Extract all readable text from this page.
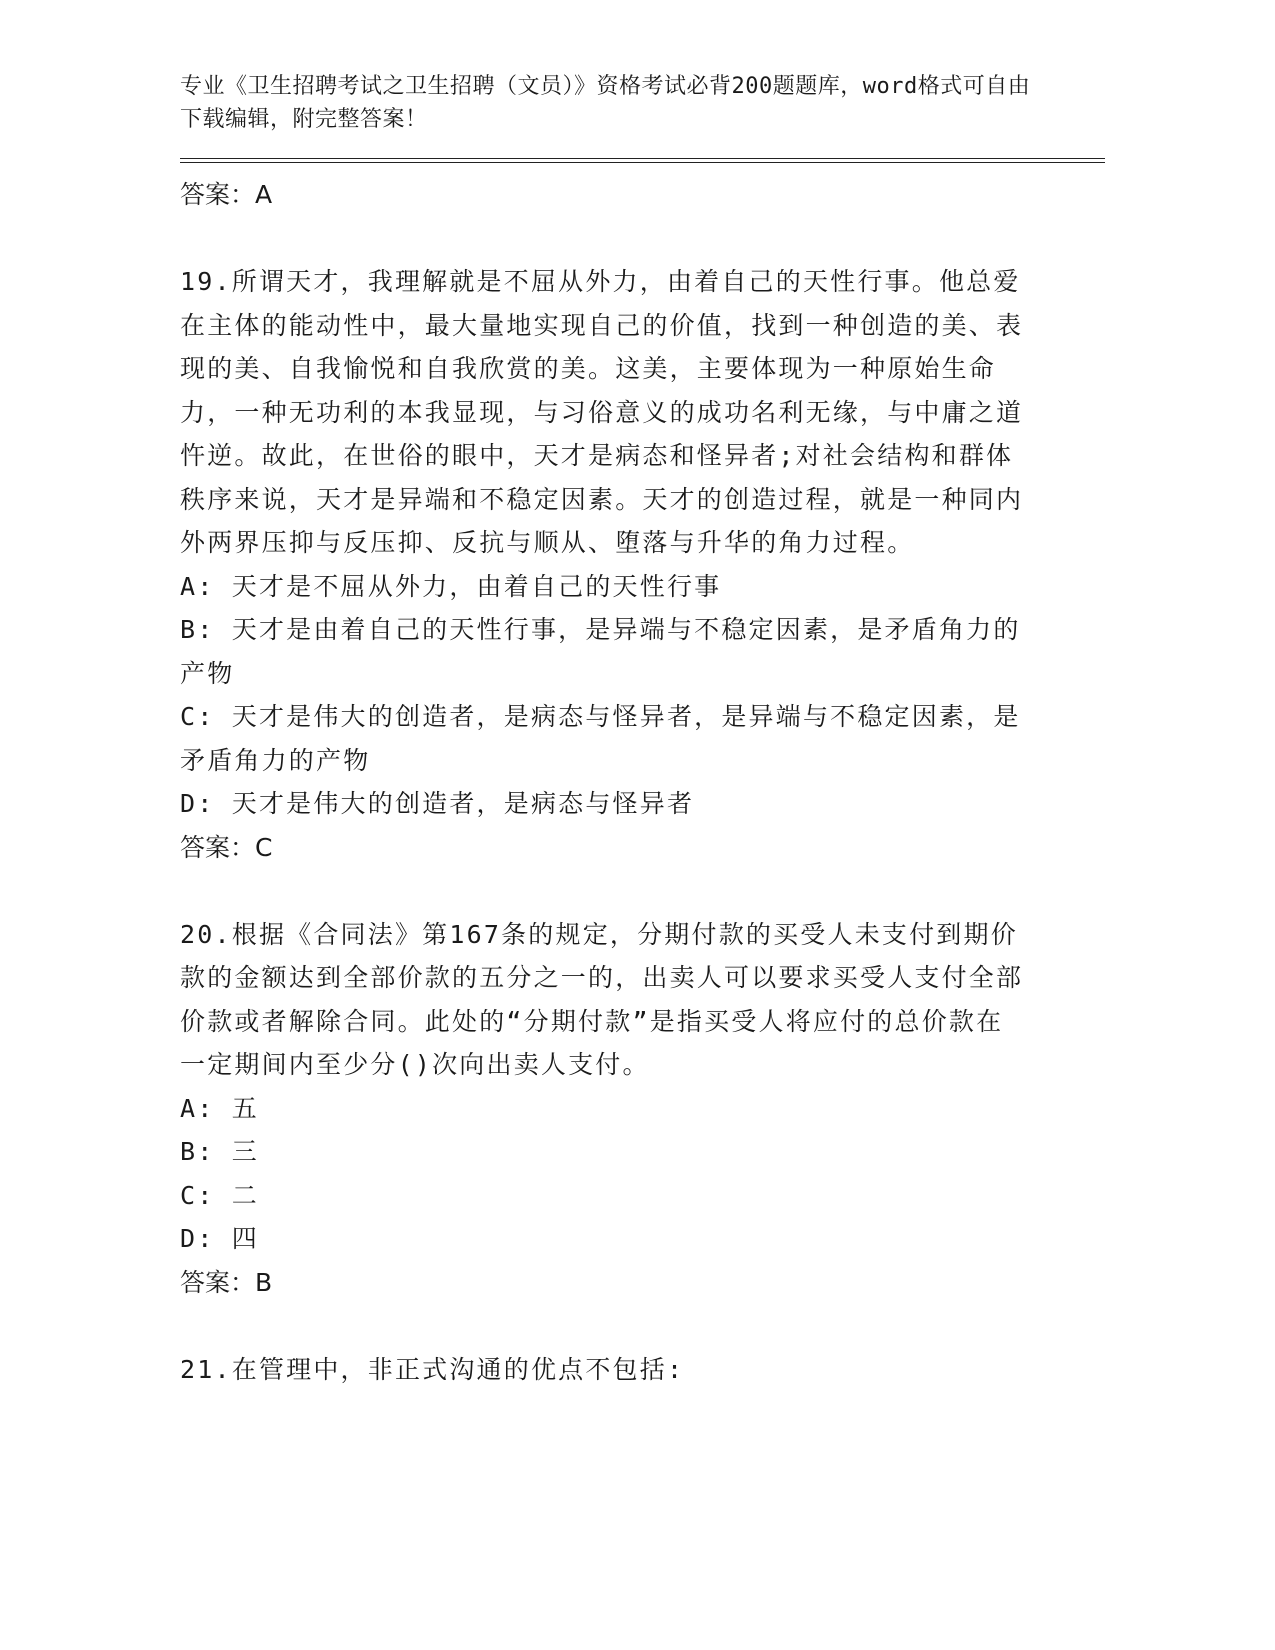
专业《卫生招聘考试之卫生招聘（文员）》资格考试必背200题题库，word格式可自由下载编辑，附完整答案！

答案：A

19.所谓天才，我理解就是不屈从外力，由着自己的天性行事。他总爱在主体的能动性中，最大量地实现自己的价值，找到一种创造的美、表现的美、自我愉悦和自我欣赏的美。这美，主要体现为一种原始生命力，一种无功利的本我显现，与习俗意义的成功名利无缘，与中庸之道忤逆。故此，在世俗的眼中，天才是病态和怪异者;对社会结构和群体秩序来说，天才是异端和不稳定因素。天才的创造过程，就是一种同内外两界压抑与反压抑、反抗与顺从、堕落与升华的角力过程。

A: 天才是不屈从外力，由着自己的天性行事

B: 天才是由着自己的天性行事，是异端与不稳定因素，是矛盾角力的产物

C: 天才是伟大的创造者，是病态与怪异者，是异端与不稳定因素，是矛盾角力的产物

D: 天才是伟大的创造者，是病态与怪异者

答案：C

20.根据《合同法》第167条的规定，分期付款的买受人未支付到期价款的金额达到全部价款的五分之一的，出卖人可以要求买受人支付全部价款或者解除合同。此处的“分期付款”是指买受人将应付的总价款在一定期间内至少分()次向出卖人支付。

A: 五

B: 三

C: 二

D: 四

答案：B

21.在管理中，非正式沟通的优点不包括:
